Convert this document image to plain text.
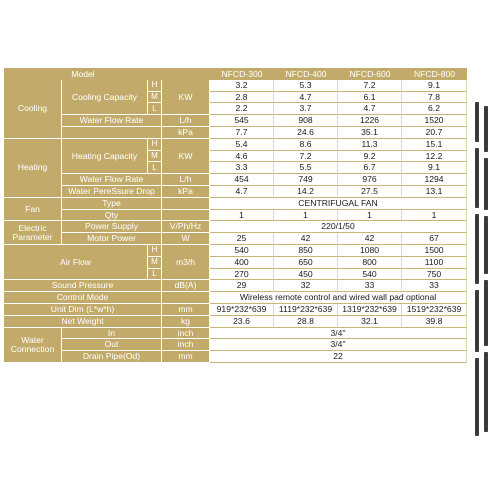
Model				NFCD-300	NFCD-400	NFCD-600	NFCD-800
Cooling	Cooling Capacity	H	KW	3.2	5.3	7.2	9.1
		M		2.8	4.7	6.1	7.8
		L		2.2	3.7	4.7	6.2
	Water Flow Rate		L/h	545	908	1226	1520
			kPa	7.7	24.6	35.1	20.7
Heating	Heating Capacity	H	KW	5.4	8.6	11.3	15.1
		M		4.6	7.2	9.2	12.2
		L		3.3	5.5	6.7	9.1
	Water Flow Rate		L/h	454	749	976	1294
	Water PereSsure Drop		kPa	4.7	14.2	27.5	13.1
Fan	Type			CENTRIFUGAL FAN			
	Qty			1	1	1	1
Electric Parameter	Power Supply		V/Ph/Hz	220/1/50			
	Motor Power		W	25	42	42	67
Air Flow		H	m3/h	540	850	1080	1500
		M		400	650	800	1100
		L		270	450	540	750
Sound Pressure			dB(A)	29	32	33	33
Control Mode				Wireless remote control and wired wall pad optional			
Unit Dim (L*w*h)			mm	919*232*639	1119*232*639	1319*232*639	1519*232*639
Net Weight			kg	23.6	28.8	32.1	39.8
Water Connection	In		inch	3/4"			
	Out		inch	3/4"			
	Drain Pipe(Od)		mm	22			
